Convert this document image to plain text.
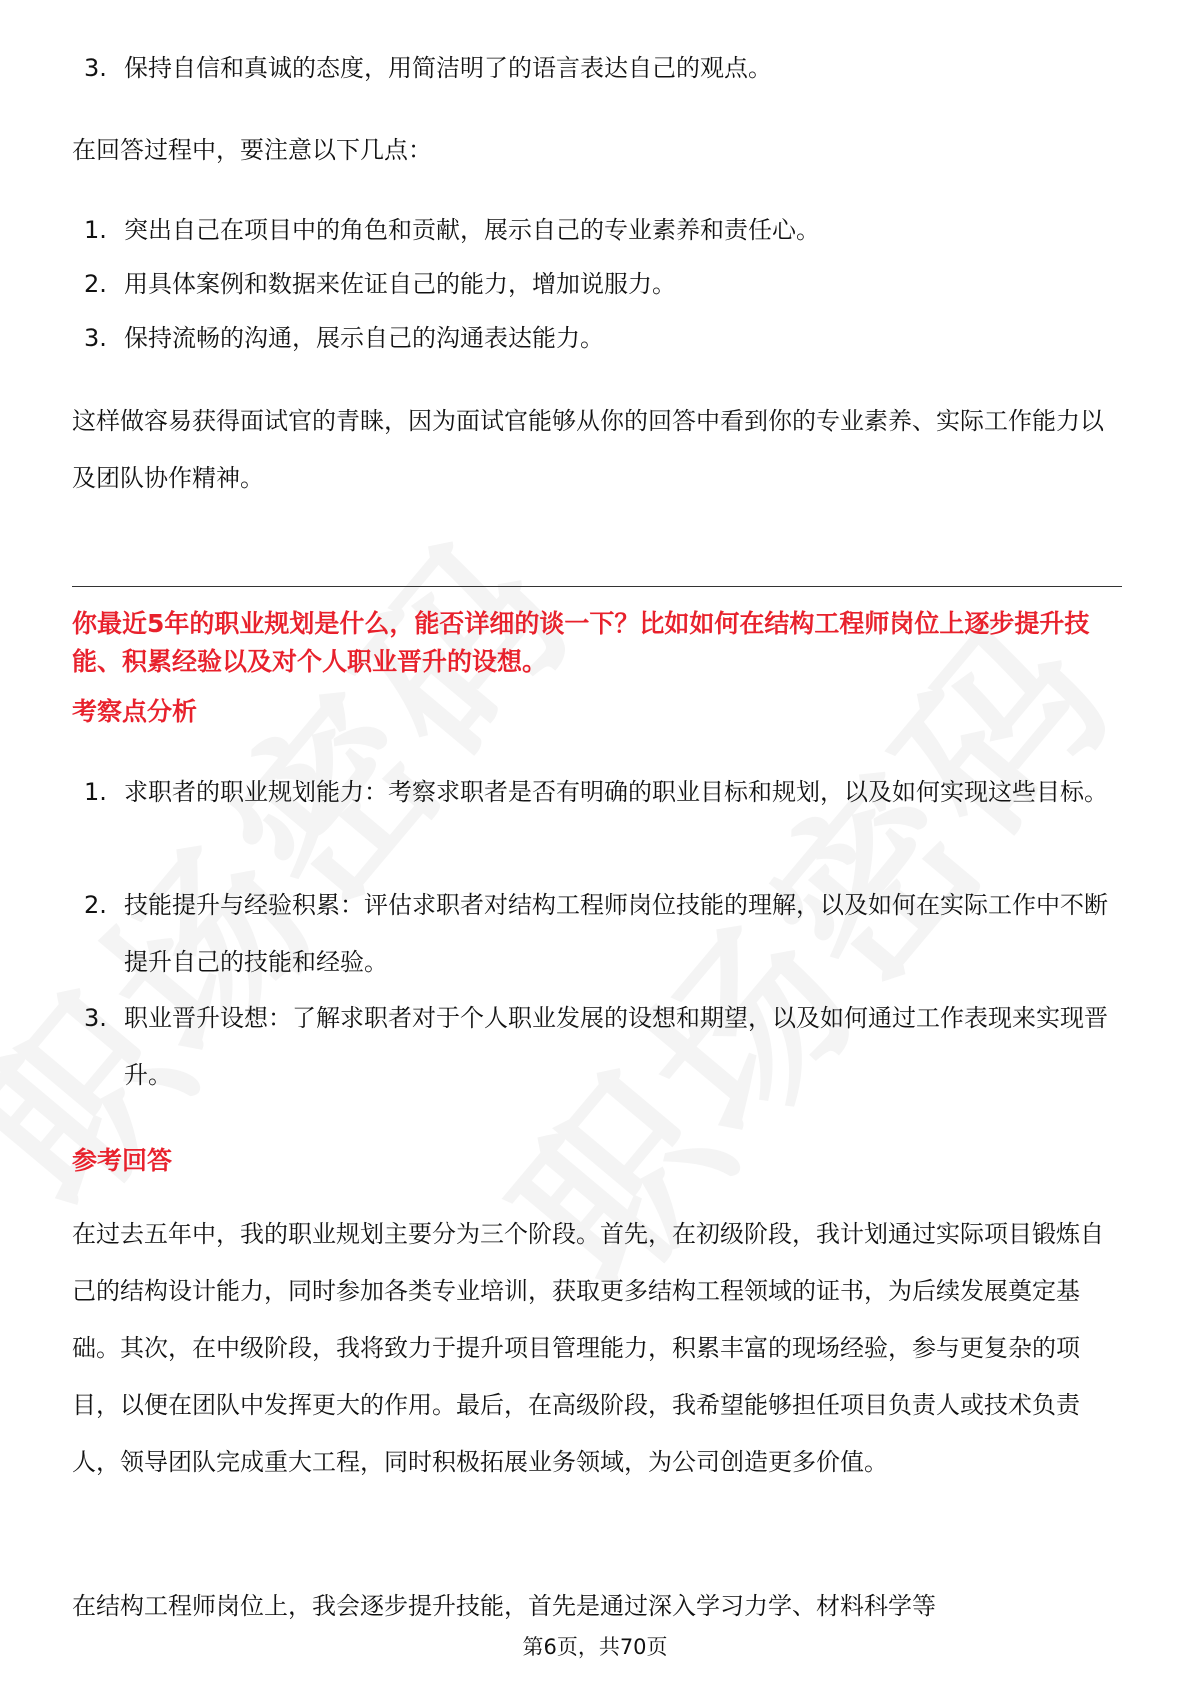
3. 保持自信和真诚的态度，用简洁明了的语言表达自己的观点。
在回答过程中，要注意以下几点：
1. 突出自己在项目中的角色和贡献，展示自己的专业素养和责任心。
2. 用具体案例和数据来佐证自己的能力，增加说服力。
3. 保持流畅的沟通，展示自己的沟通表达能力。
这样做容易获得面试官的青睐，因为面试官能够从你的回答中看到你的专业素养、实际工作能力以及团队协作精神。
你最近5年的职业规划是什么，能否详细的谈一下？比如如何在结构工程师岗位上逐步提升技能、积累经验以及对个人职业晋升的设想。
考察点分析
1. 求职者的职业规划能力：考察求职者是否有明确的职业目标和规划，以及如何实现这些目标。
2. 技能提升与经验积累：评估求职者对结构工程师岗位技能的理解，以及如何在实际工作中不断提升自己的技能和经验。
3. 职业晋升设想：了解求职者对于个人职业发展的设想和期望，以及如何通过工作表现来实现晋升。
参考回答
在过去五年中，我的职业规划主要分为三个阶段。首先，在初级阶段，我计划通过实际项目锻炼自己的结构设计能力，同时参加各类专业培训，获取更多结构工程领域的证书，为后续发展奠定基础。其次，在中级阶段，我将致力于提升项目管理能力，积累丰富的现场经验，参与更复杂的项目，以便在团队中发挥更大的作用。最后，在高级阶段，我希望能够担任项目负责人或技术负责人，领导团队完成重大工程，同时积极拓展业务领域，为公司创造更多价值。
在结构工程师岗位上，我会逐步提升技能，首先是通过深入学习力学、材料科学等
第6页，共70页
